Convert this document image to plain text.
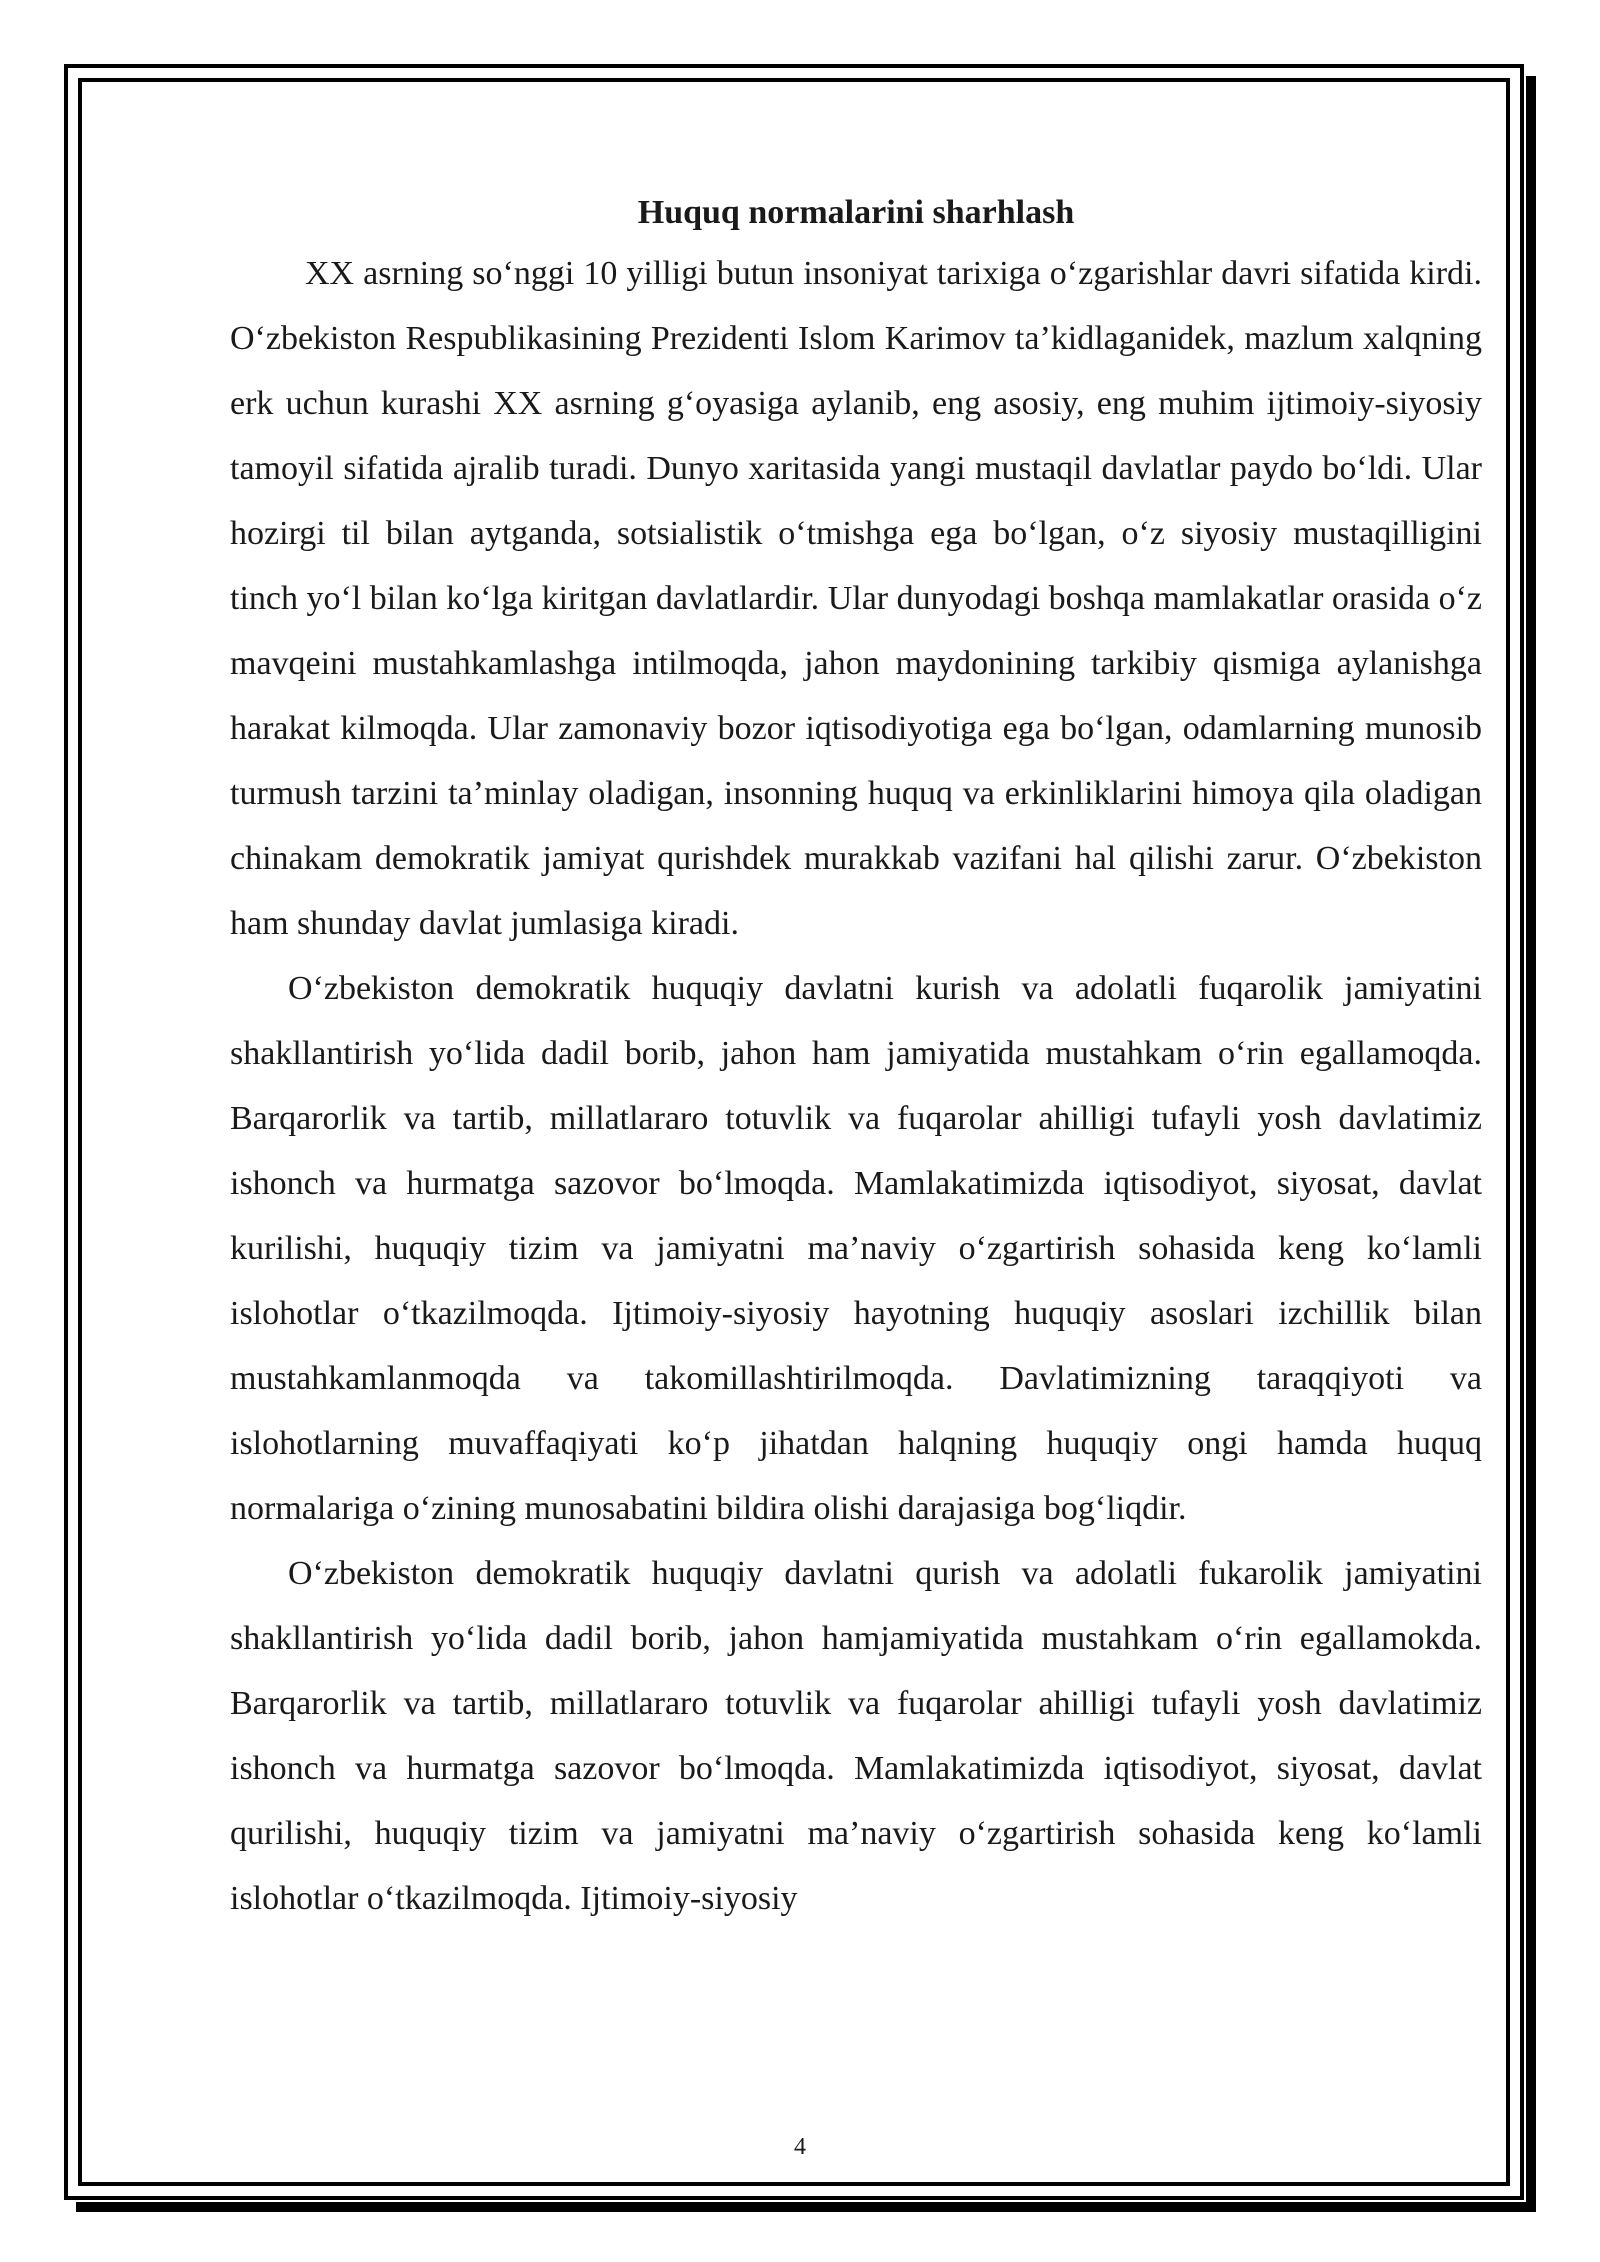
Huquq normalarini sharhlash

XX asrning so‘nggi 10 yilligi butun insoniyat tarixiga o‘zgarishlar davri sifatida kirdi. O‘zbekiston Respublikasining Prezidenti Islom Karimov ta’kidlaganidek, mazlum xalqning erk uchun kurashi XX asrning g‘oyasiga aylanib, eng asosiy, eng muhim ijtimoiy-siyosiy tamoyil sifatida ajralib turadi. Dunyo xaritasida yangi mustaqil davlatlar paydo bo‘ldi. Ular hozirgi til bilan aytganda, sotsialistik o‘tmishga ega bo‘lgan, o‘z siyosiy mustaqilligini tinch yo‘l bilan ko‘lga kiritgan davlatlardir. Ular dunyodagi boshqa mamlakatlar orasida o‘z mavqeini mustahkamlashga intilmoqda, jahon maydonining tarkibiy qismiga aylanishga harakat kilmoqda. Ular zamonaviy bozor iqtisodiyotiga ega bo‘lgan, odamlarning munosib turmush tarzini ta’minlay oladigan, insonning huquq va erkinliklarini himoya qila oladigan chinakam demokratik jamiyat qurishdek murakkab vazifani hal qilishi zarur. O‘zbekiston ham shunday davlat jumlasiga kiradi.

O‘zbekiston demokratik huquqiy davlatni kurish va adolatli fuqarolik jamiyatini shakllantirish yo‘lida dadil borib, jahon ham jamiyatida mustahkam o‘rin egallamoqda. Barqarorlik va tartib, millatlararo totuvlik va fuqarolar ahilligi tufayli yosh davlatimiz ishonch va hurmatga sazovor bo‘lmoqda. Mamlakatimizda iqtisodiyot, siyosat, davlat kurilishi, huquqiy tizim va jamiyatni ma’naviy o‘zgartirish sohasida keng ko‘lamli islohotlar o‘tkazilmoqda. Ijtimoiy-siyosiy hayotning huquqiy asoslari izchillik bilan mustahkamlanmoqda va takomillashtirilmoqda. Davlatimizning taraqqiyoti va islohotlarning muvaffaqiyati ko‘p jihatdan halqning huquqiy ongi hamda huquq normalariga o‘zining munosabatini bildira olishi darajasiga bog‘liqdir.

O‘zbekiston demokratik huquqiy davlatni qurish va adolatli fukarolik jamiyatini shakllantirish yo‘lida dadil borib, jahon hamjamiyatida mustahkam o‘rin egallamokda. Barqarorlik va tartib, millatlararo totuvlik va fuqarolar ahilligi tufayli yosh davlatimiz ishonch va hurmatga sazovor bo‘lmoqda. Mamlakatimizda iqtisodiyot, siyosat, davlat qurilishi, huquqiy tizim va jamiyatni ma’naviy o‘zgartirish sohasida keng ko‘lamli islohotlar o‘tkazilmoqda. Ijtimoiy-siyosiy

4
